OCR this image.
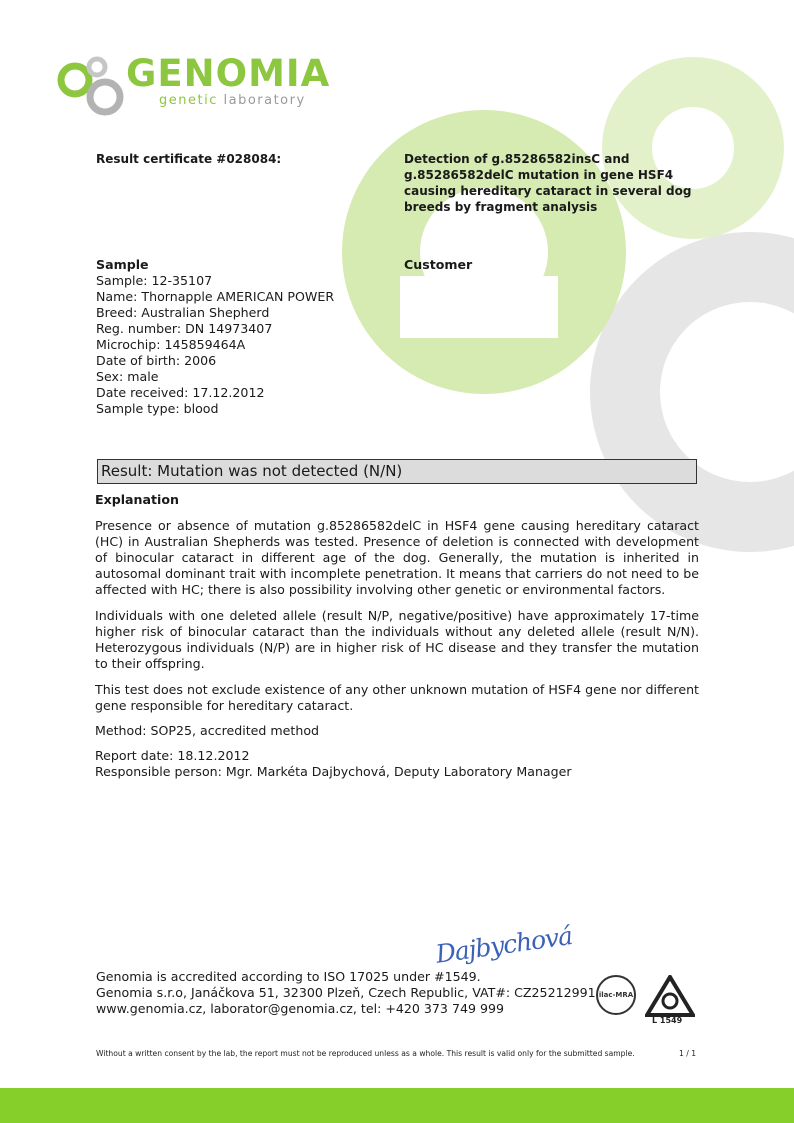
GENOMIA
genetic laboratory
Result certificate #028084:	Detection of g.85286582insC and
g.85286582delC mutation in gene HSF4
causing hereditary cataract in several dog
breeds by fragment analysis
Sample
Sample: 12-35107
Name: Thornapple AMERICAN POWER
Breed: Australian Shepherd
Reg. number: DN 14973407
Microchip: 145859464A
Date of birth: 2006
Sex: male
Date received: 17.12.2012
Sample type: blood
Customer
Result: Mutation was not detected (N/N)
Explanation
Presence or absence of mutation g.85286582delC in HSF4 gene causing hereditary cataract (HC) in Australian Shepherds was tested. Presence of deletion is connected with development of binocular cataract in different age of the dog. Generally, the mutation is inherited in autosomal dominant trait with incomplete penetration. It means that carriers do not need to be affected with HC; there is also possibility involving other genetic or environmental factors.
Individuals with one deleted allele (result N/P, negative/positive) have approximately 17-time higher risk of binocular cataract than the individuals without any deleted allele (result N/N). Heterozygous individuals (N/P) are in higher risk of HC disease and they transfer the mutation to their offspring.
This test does not exclude existence of any other unknown mutation of HSF4 gene nor different gene responsible for hereditary cataract.
Method: SOP25, accredited method
Report date: 18.12.2012
Responsible person: Mgr. Markéta Dajbychová, Deputy Laboratory Manager
Dajbychová
Genomia is accredited according to ISO 17025 under #1549.
Genomia s.r.o, Janáčkova 51, 32300 Plzeň, Czech Republic, VAT#: CZ25212991
www.genomia.cz, laborator@genomia.cz, tel: +420 373 749 999
ilac-MRA
L 1549
Without a written consent by the lab, the report must not be reproduced unless as a whole. This result is valid only for the submitted sample.	1 / 1
